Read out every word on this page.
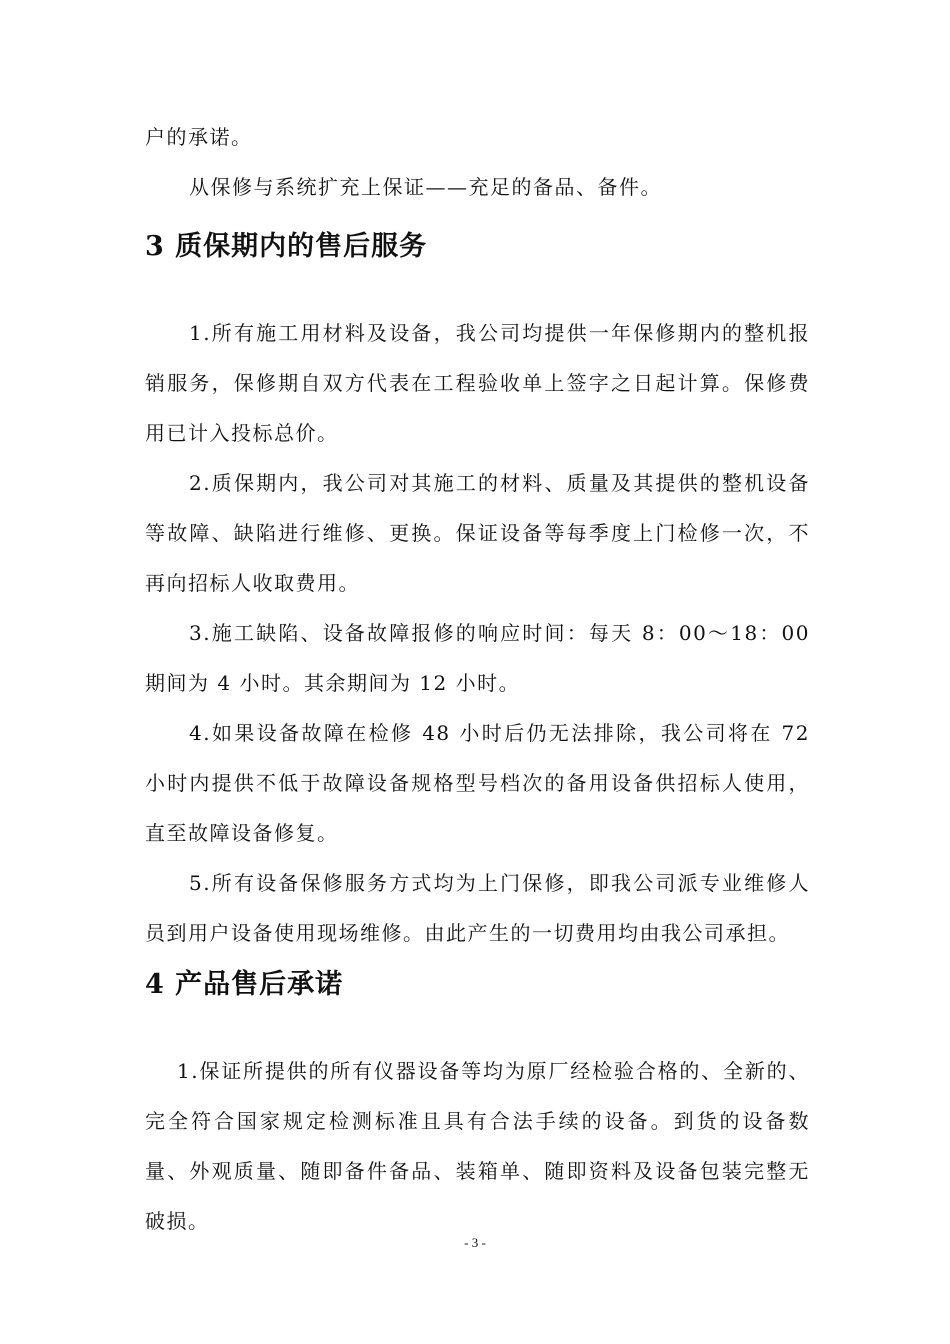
户的承诺。

从保修与系统扩充上保证——充足的备品、备件。

3 质保期内的售后服务

1.所有施工用材料及设备，我公司均提供一年保修期内的整机报销服务，保修期自双方代表在工程验收单上签字之日起计算。保修费用已计入投标总价。

2.质保期内，我公司对其施工的材料、质量及其提供的整机设备等故障、缺陷进行维修、更换。保证设备等每季度上门检修一次，不再向招标人收取费用。

3.施工缺陷、设备故障报修的响应时间：每天 8：00～18：00 期间为 4 小时。其余期间为 12 小时。

4.如果设备故障在检修 48 小时后仍无法排除，我公司将在 72 小时内提供不低于故障设备规格型号档次的备用设备供招标人使用，直至故障设备修复。

5.所有设备保修服务方式均为上门保修，即我公司派专业维修人员到用户设备使用现场维修。由此产生的一切费用均由我公司承担。

4 产品售后承诺

1.保证所提供的所有仪器设备等均为原厂经检验合格的、全新的、完全符合国家规定检测标准且具有合法手续的设备。到货的设备数量、外观质量、随即备件备品、装箱单、随即资料及设备包装完整无破损。

- 3 -
